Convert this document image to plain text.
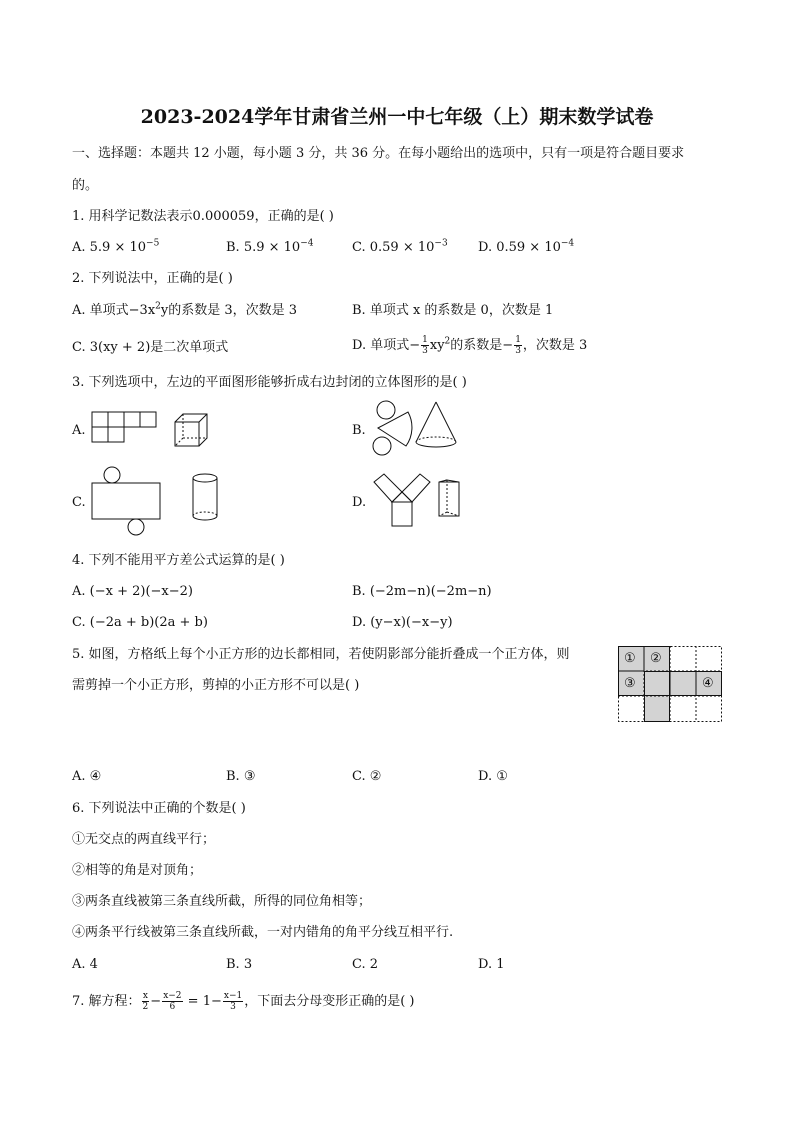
2023-2024学年甘肃省兰州一中七年级（上）期末数学试卷
一、选择题：本题共 12 小题，每小题 3 分，共 36 分。在每小题给出的选项中，只有一项是符合题目要求
的。
1. 用科学记数法表示0.000059，正确的是( )
A. $5.9 \times 10^{-5}$	B. $5.9 \times 10^{-4}$	C. $0.59 \times 10^{-3}$ D. $0.59 \times 10^{-4}$
2. 下列说法中，正确的是( )
A. 单项式$-3x^2y$的系数是 3，次数是 3	B. 单项式 x 的系数是 0，次数是 1
C. 3(xy + 2)是二次单项式	D. 单项式− $\frac{1}{3} xy^2$的系数是− $\frac{1}{3}$ ，次数是 3
3. 下列选项中，左边的平面图形能够折成右边封闭的立体图形的是( )
A.	B.
C.	D.
4. 下列不能用平方差公式运算的是( )
A. (−x + 2)(−x−2)	B. (−2m−n)(−2m−n)
C. (−2a + b)(2a + b)	D. (y−x)(−x−y)
5. 如图，方格纸上每个小正方形的边长都相同，若使阴影部分能折叠成一个正方体，则
需剪掉一个小正方形，剪掉的小正方形不可以是( )
① ②
③	④
A. ④	B. ③	C. ②	D. ①
6. 下列说法中正确的个数是( )
①无交点的两直线平行；
②相等的角是对顶角；
③两条直线被第三条直线所截，所得的同位角相等；
④两条平行线被第三条直线所截，一对内错角的角平分线互相平行.
A. 4	B. 3	C. 2	D. 1
7. 解方程： $\frac{x}{2} - \frac{x-2}{6} = 1- \frac{x-1}{3}$ ，下面去分母变形正确的是( )
